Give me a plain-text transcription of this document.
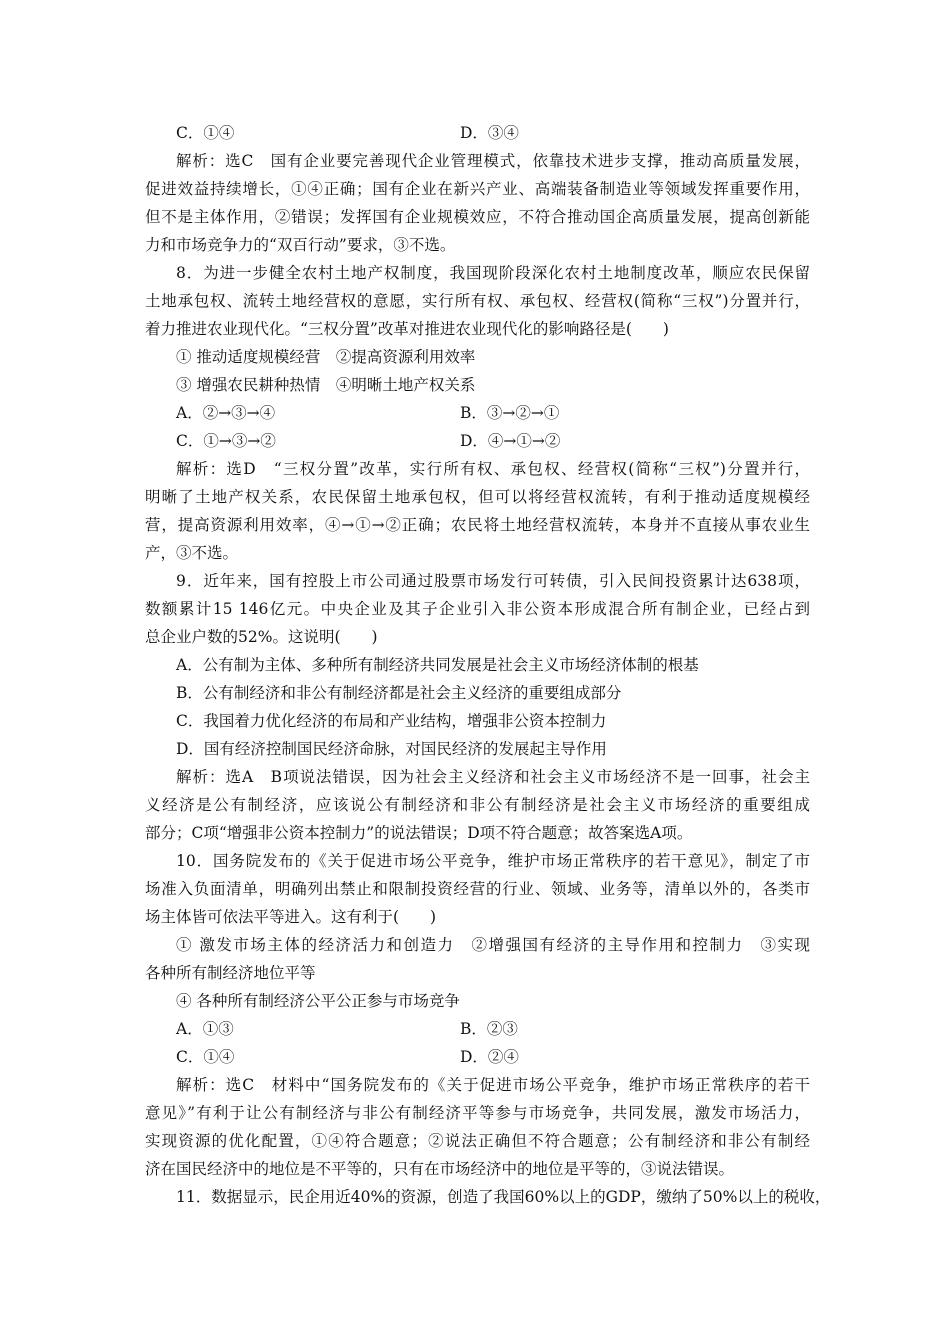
C．①④	D．③④
解析：选C　国有企业要完善现代企业管理模式，依靠技术进步支撑，推动高质量发展，
促进效益持续增长，①④正确；国有企业在新兴产业、高端装备制造业等领域发挥重要作用，
但不是主体作用，②错误；发挥国有企业规模效应，不符合推动国企高质量发展，提高创新能
力和市场竞争力的“双百行动”要求，③不选。
8．为进一步健全农村土地产权制度，我国现阶段深化农村土地制度改革，顺应农民保留
土地承包权、流转土地经营权的意愿，实行所有权、承包权、经营权(简称“三权”)分置并行，
着力推进农业现代化。“三权分置”改革对推进农业现代化的影响路径是(　　)
① 推动适度规模经营　②提高资源利用效率
③ 增强农民耕种热情　④明晰土地产权关系
A．②→③→④	B．③→②→①
C．①→③→②	D．④→①→②
解析：选D　“三权分置”改革，实行所有权、承包权、经营权(简称“三权”)分置并行，
明晰了土地产权关系，农民保留土地承包权，但可以将经营权流转，有利于推动适度规模经
营，提高资源利用效率，④→①→②正确；农民将土地经营权流转，本身并不直接从事农业生
产，③不选。
9．近年来，国有控股上市公司通过股票市场发行可转债，引入民间投资累计达638项，
数额累计15 146亿元。中央企业及其子企业引入非公资本形成混合所有制企业，已经占到
总企业户数的52%。这说明(　　)
A．公有制为主体、多种所有制经济共同发展是社会主义市场经济体制的根基
B．公有制经济和非公有制经济都是社会主义经济的重要组成部分
C．我国着力优化经济的布局和产业结构，增强非公资本控制力
D．国有经济控制国民经济命脉，对国民经济的发展起主导作用
解析：选A　B项说法错误，因为社会主义经济和社会主义市场经济不是一回事，社会主
义经济是公有制经济，应该说公有制经济和非公有制经济是社会主义市场经济的重要组成
部分；C项“增强非公资本控制力”的说法错误；D项不符合题意；故答案选A项。
10．国务院发布的《关于促进市场公平竞争，维护市场正常秩序的若干意见》，制定了市
场准入负面清单，明确列出禁止和限制投资经营的行业、领域、业务等，清单以外的，各类市
场主体皆可依法平等进入。这有利于(　　)
① 激发市场主体的经济活力和创造力　②增强国有经济的主导作用和控制力　③实现
各种所有制经济地位平等
④ 各种所有制经济公平公正参与市场竞争
A．①③	B．②③
C．①④	D．②④
解析：选C　材料中“国务院发布的《关于促进市场公平竞争，维护市场正常秩序的若干
意见》”有利于让公有制经济与非公有制经济平等参与市场竞争，共同发展，激发市场活力，
实现资源的优化配置，①④符合题意；②说法正确但不符合题意；公有制经济和非公有制经
济在国民经济中的地位是不平等的，只有在市场经济中的地位是平等的，③说法错误。
11．数据显示，民企用近40%的资源，创造了我国60%以上的GDP，缴纳了50%以上的税收，
